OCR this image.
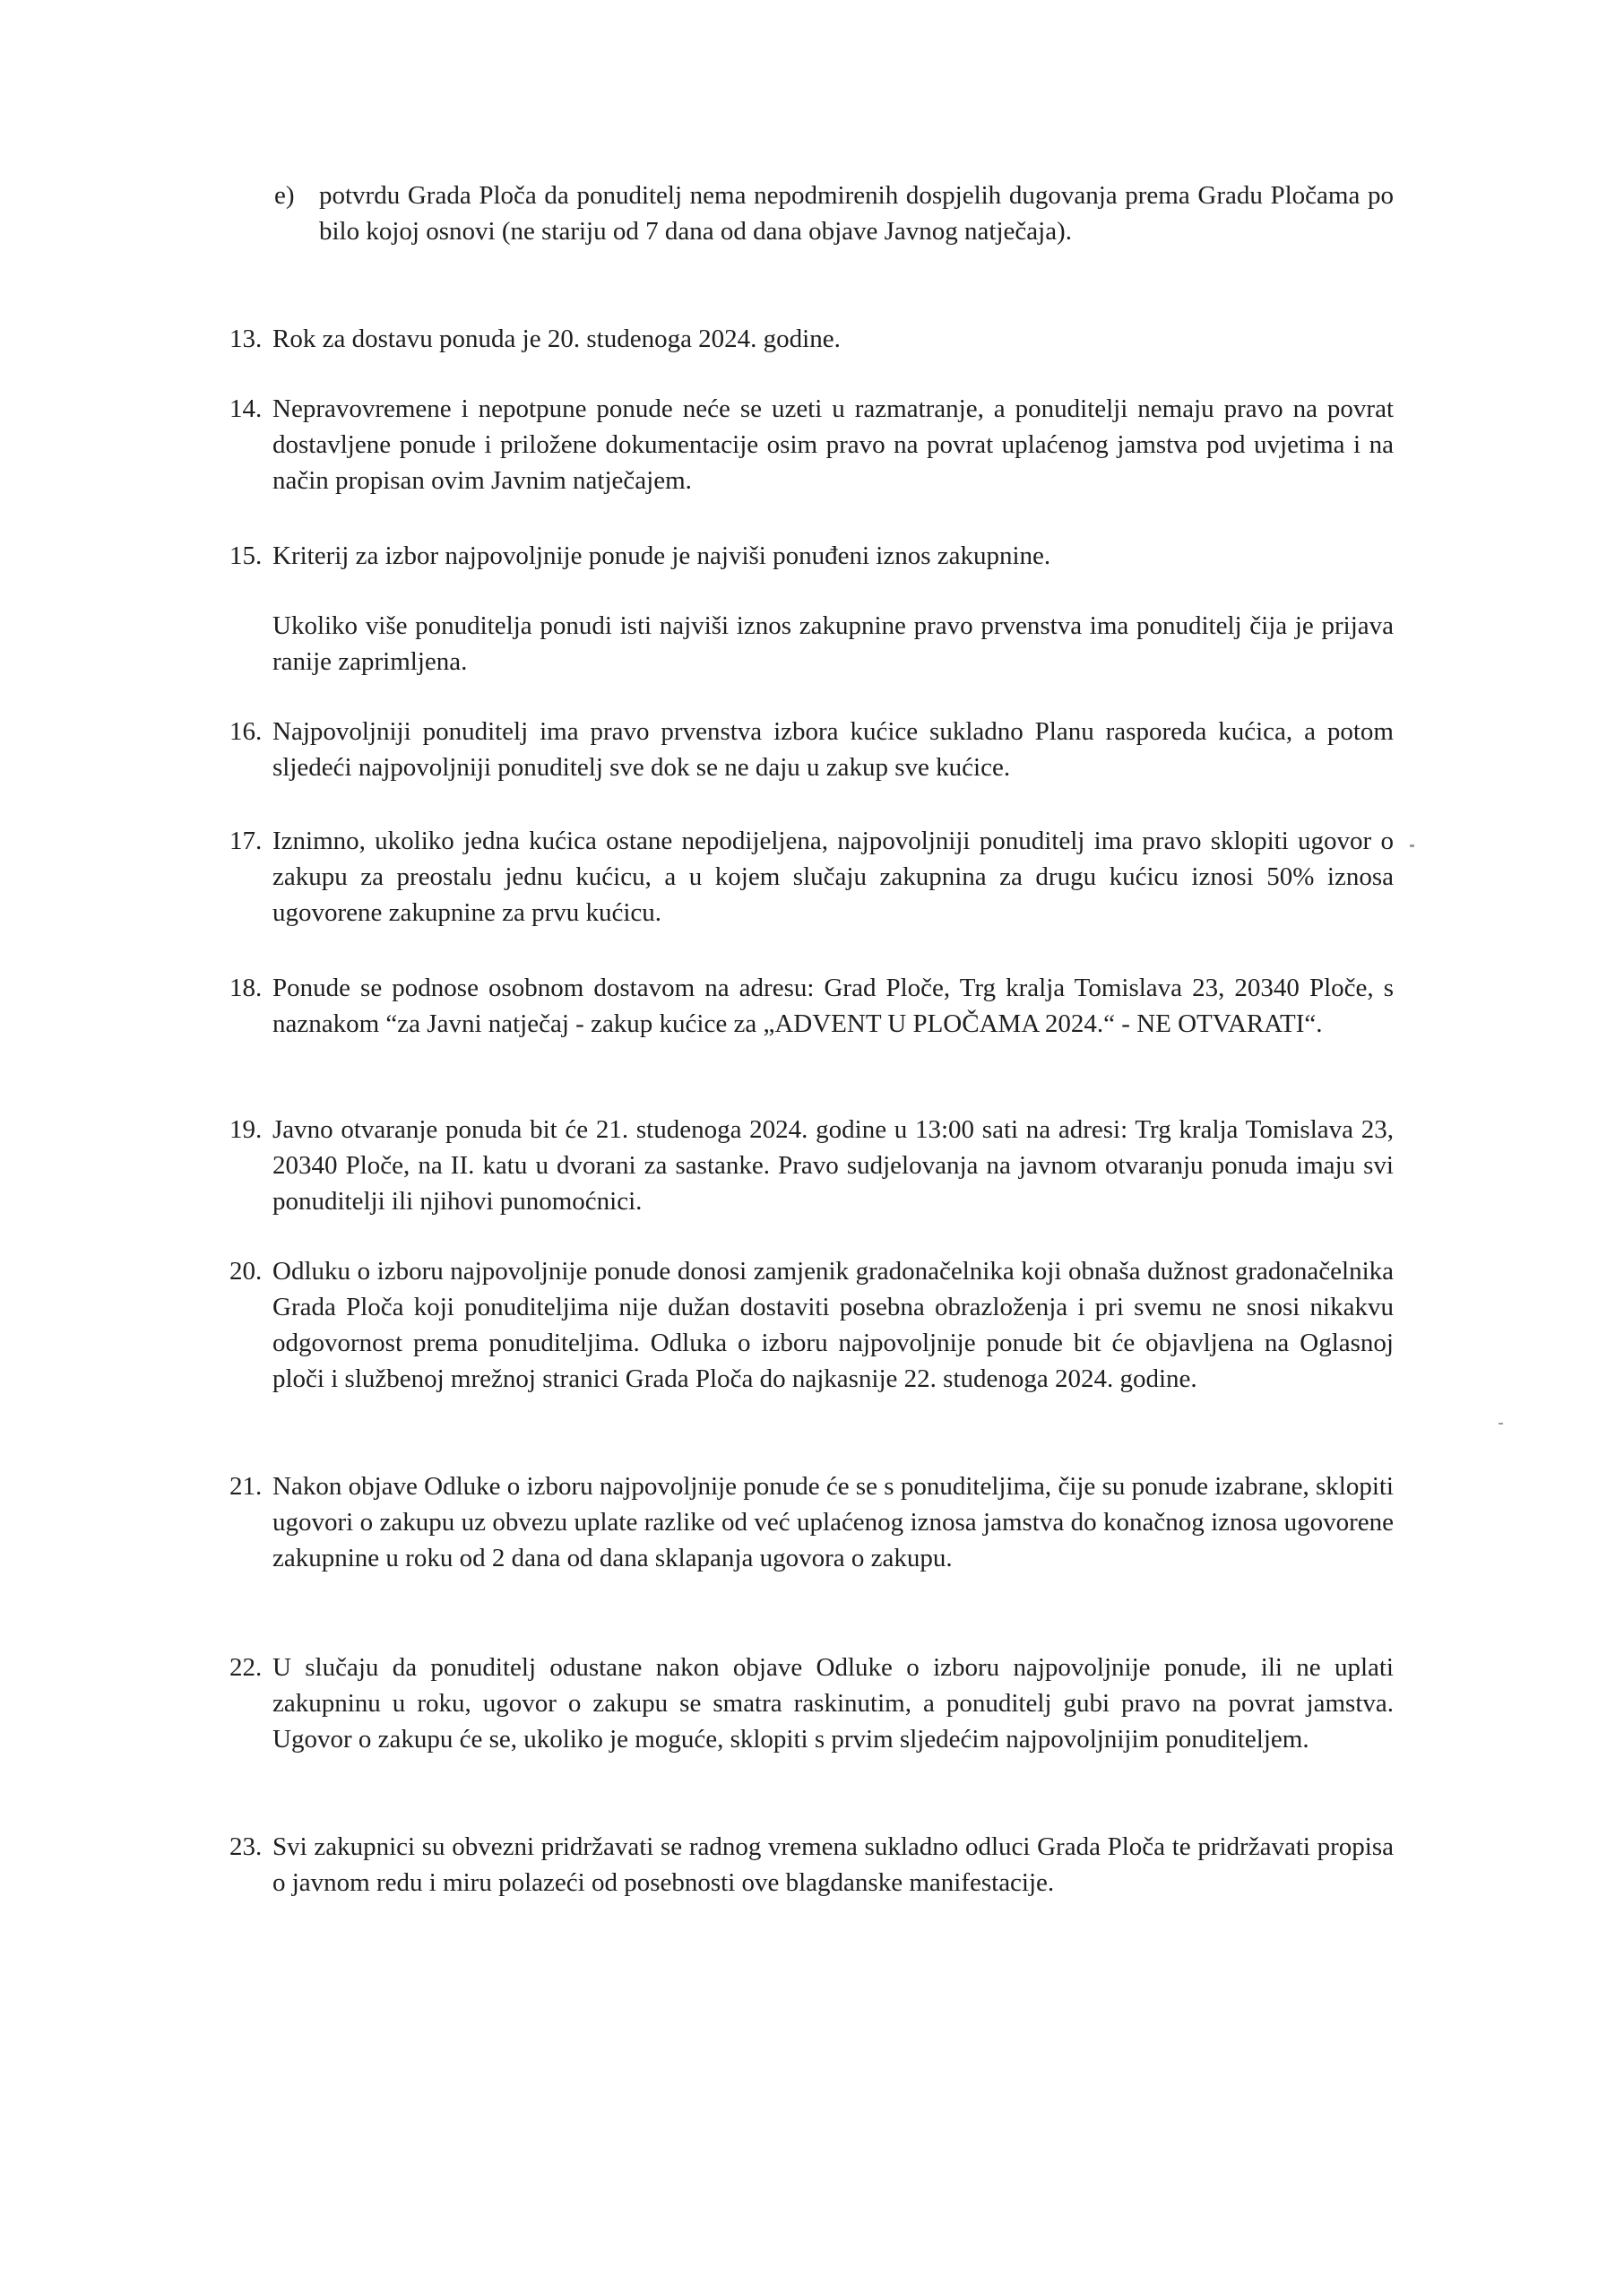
e) potvrdu Grada Ploča da ponuditelj nema nepodmirenih dospjelih dugovanja prema Gradu Pločama po bilo kojoj osnovi (ne stariju od 7 dana od dana objave Javnog natječaja).
13. Rok za dostavu ponuda je 20. studenoga 2024. godine.
14. Nepravovremene i nepotpune ponude neće se uzeti u razmatranje, a ponuditelji nemaju pravo na povrat dostavljene ponude i priložene dokumentacije osim pravo na povrat uplaćenog jamstva pod uvjetima i na način propisan ovim Javnim natječajem.
15. Kriterij za izbor najpovoljnije ponude je najviši ponuđeni iznos zakupnine.
Ukoliko više ponuditelja ponudi isti najviši iznos zakupnine pravo prvenstva ima ponuditelj čija je prijava ranije zaprimljena.
16. Najpovoljniji ponuditelj ima pravo prvenstva izbora kućice sukladno Planu rasporeda kućica, a potom sljedeći najpovoljniji ponuditelj sve dok se ne daju u zakup sve kućice.
17. Iznimno, ukoliko jedna kućica ostane nepodijeljena, najpovoljniji ponuditelj ima pravo sklopiti ugovor o zakupu za preostalu jednu kućicu, a u kojem slučaju zakupnina za drugu kućicu iznosi 50% iznosa ugovorene zakupnine za prvu kućicu.
18. Ponude se podnose osobnom dostavom na adresu: Grad Ploče, Trg kralja Tomislava 23, 20340 Ploče, s naznakom “za Javni natječaj - zakup kućice za „ADVENT U PLOČAMA 2024.“ - NE OTVARATI“.
19. Javno otvaranje ponuda bit će 21. studenoga 2024. godine u 13:00 sati na adresi: Trg kralja Tomislava 23, 20340 Ploče, na II. katu u dvorani za sastanke. Pravo sudjelovanja na javnom otvaranju ponuda imaju svi ponuditelji ili njihovi punomoćnici.
20. Odluku o izboru najpovoljnije ponude donosi zamjenik gradonačelnika koji obnaša dužnost gradonačelnika Grada Ploča koji ponuditeljima nije dužan dostaviti posebna obrazloženja i pri svemu ne snosi nikakvu odgovornost prema ponuditeljima. Odluka o izboru najpovoljnije ponude bit će objavljena na Oglasnoj ploči i službenoj mrežnoj stranici Grada Ploča do najkasnije 22. studenoga 2024. godine.
21. Nakon objave Odluke o izboru najpovoljnije ponude će se s ponuditeljima, čije su ponude izabrane, sklopiti ugovori o zakupu uz obvezu uplate razlike od već uplaćenog iznosa jamstva do konačnog iznosa ugovorene zakupnine u roku od 2 dana od dana sklapanja ugovora o zakupu.
22. U slučaju da ponuditelj odustane nakon objave Odluke o izboru najpovoljnije ponude, ili ne uplati zakupninu u roku, ugovor o zakupu se smatra raskinutim, a ponuditelj gubi pravo na povrat jamstva. Ugovor o zakupu će se, ukoliko je moguće, sklopiti s prvim sljedećim najpovoljnijim ponuditeljem.
23. Svi zakupnici su obvezni pridržavati se radnog vremena sukladno odluci Grada Ploča te pridržavati propisa o javnom redu i miru polazeći od posebnosti ove blagdanske manifestacije.
